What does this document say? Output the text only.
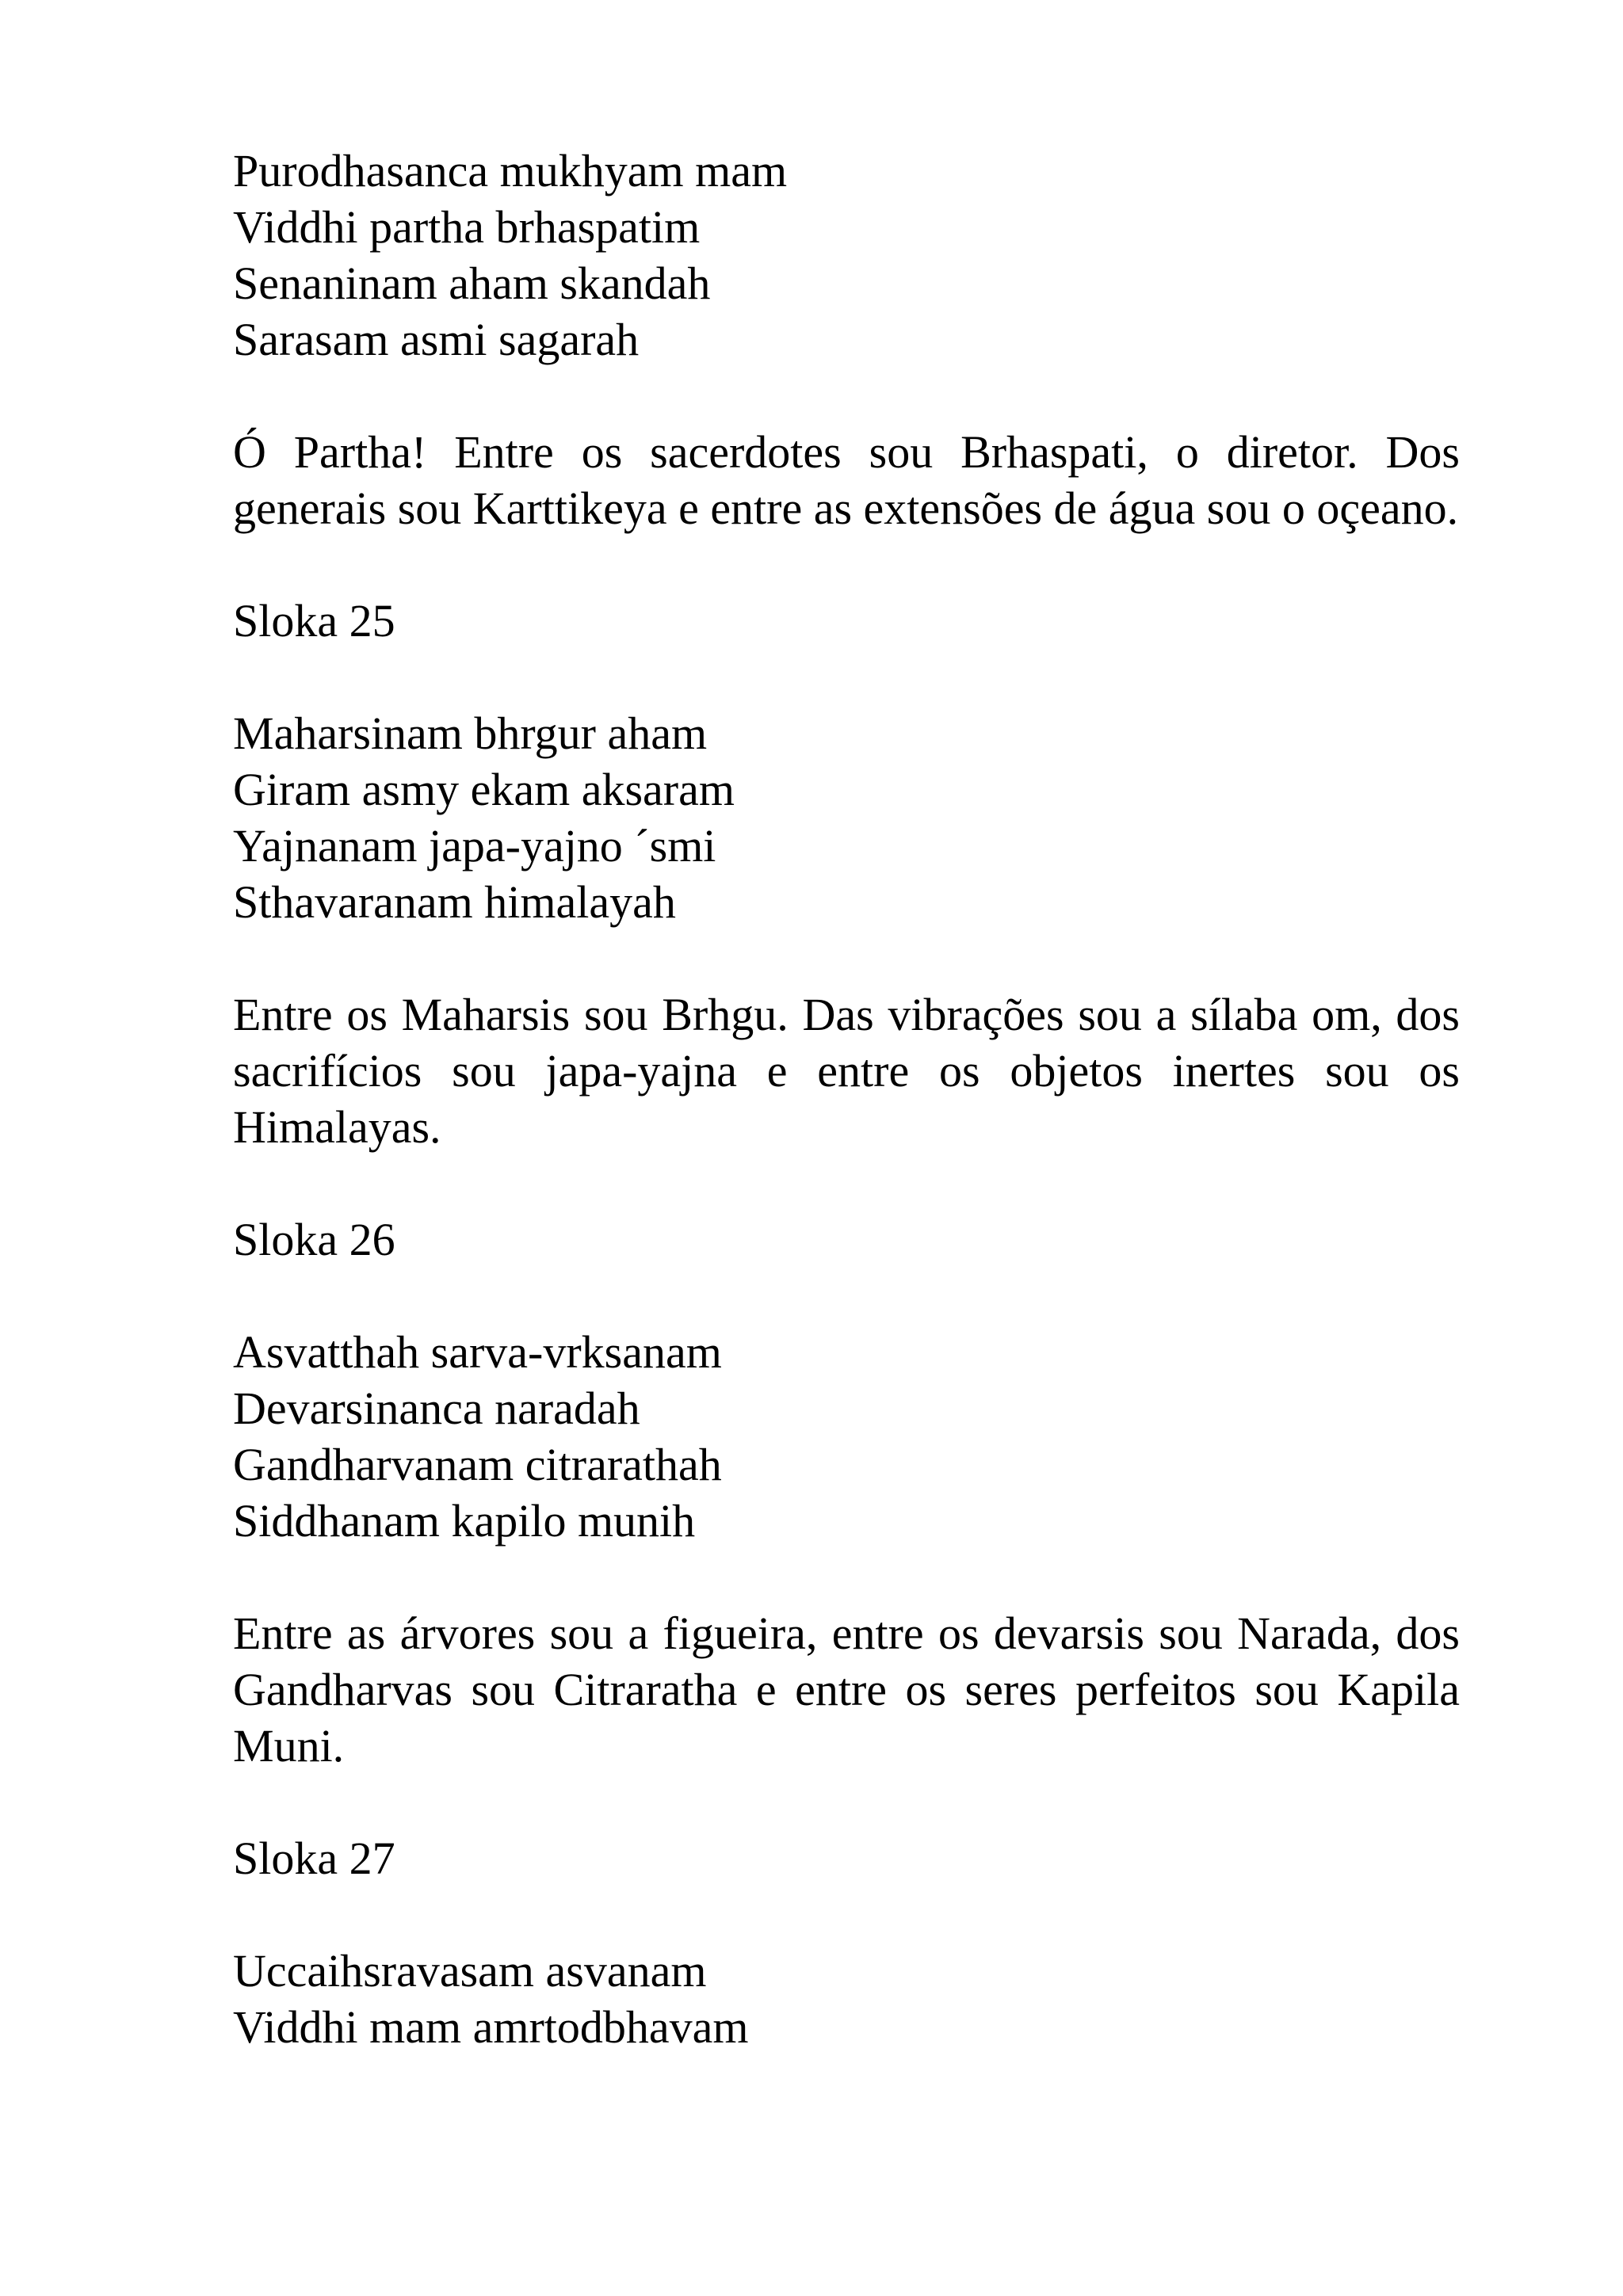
Purodhasanca mukhyam mam
Viddhi partha brhaspatim
Senaninam aham skandah
Sarasam asmi sagarah
Ó Partha! Entre os sacerdotes sou Brhaspati, o diretor. Dos generais sou Karttikeya e entre as extensões de água sou o oçeano.
Sloka 25
Maharsinam bhrgur aham
Giram asmy ekam aksaram
Yajnanam japa-yajno ´smi
Sthavaranam himalayah
Entre os Maharsis sou Brhgu. Das vibrações sou a sílaba om, dos sacrifícios sou japa-yajna e entre os objetos inertes sou os Himalayas.
Sloka 26
Asvatthah sarva-vrksanam
Devarsinanca naradah
Gandharvanam citrarathah
Siddhanam kapilo munih
Entre as árvores sou a figueira, entre os devarsis sou Narada, dos Gandharvas sou Citraratha e entre os seres perfeitos sou Kapila Muni.
Sloka 27
Uccaihsravasam asvanam
Viddhi mam amrtodbhavam
